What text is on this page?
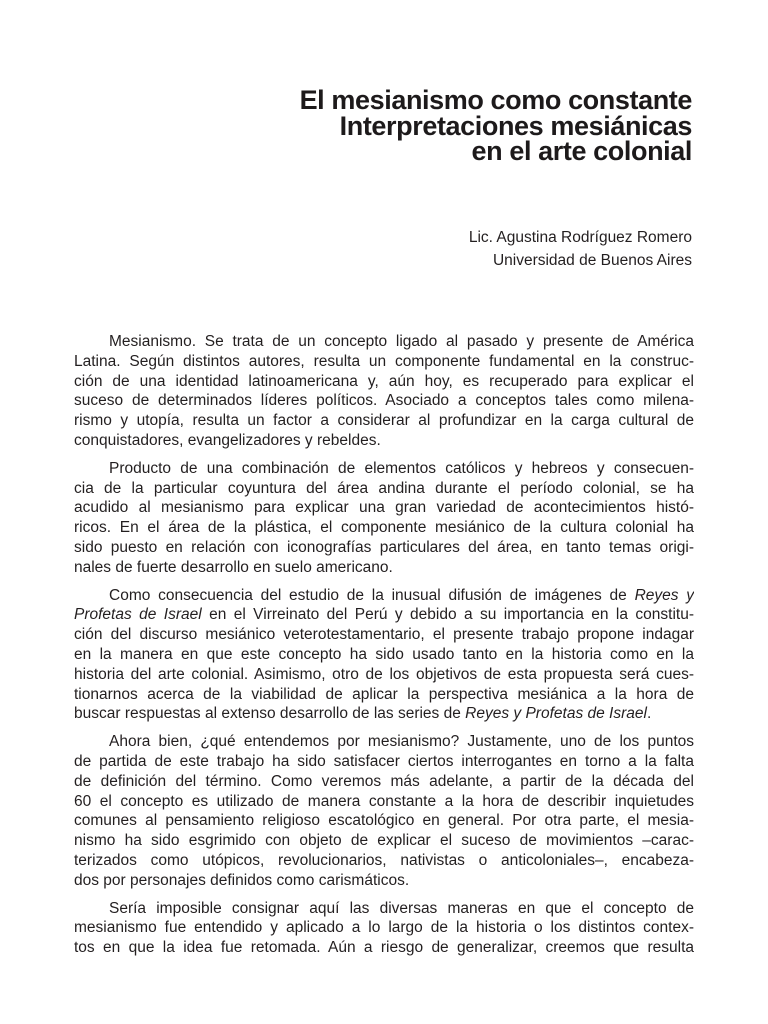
El mesianismo como constante
Interpretaciones mesiánicas
en el arte colonial
Lic. Agustina Rodríguez Romero
Universidad de Buenos Aires
Mesianismo. Se trata de un concepto ligado al pasado y presente de América
Latina. Según distintos autores, resulta un componente fundamental en la construc-
ción de una identidad latinoamericana y, aún hoy, es recuperado para explicar el
suceso de determinados líderes políticos. Asociado a conceptos tales como milena-
rismo y utopía, resulta un factor a considerar al profundizar en la carga cultural de
conquistadores, evangelizadores y rebeldes.
Producto de una combinación de elementos católicos y hebreos y consecuen-
cia de la particular coyuntura del área andina durante el período colonial, se ha
acudido al mesianismo para explicar una gran variedad de acontecimientos histó-
ricos. En el área de la plástica, el componente mesiánico de la cultura colonial ha
sido puesto en relación con iconografías particulares del área, en tanto temas origi-
nales de fuerte desarrollo en suelo americano.
Como consecuencia del estudio de la inusual difusión de imágenes de Reyes y
Profetas de Israel en el Virreinato del Perú y debido a su importancia en la constitu-
ción del discurso mesiánico veterotestamentario, el presente trabajo propone indagar
en la manera en que este concepto ha sido usado tanto en la historia como en la
historia del arte colonial. Asimismo, otro de los objetivos de esta propuesta será cues-
tionarnos acerca de la viabilidad de aplicar la perspectiva mesiánica a la hora de
buscar respuestas al extenso desarrollo de las series de Reyes y Profetas de Israel.
Ahora bien, ¿qué entendemos por mesianismo? Justamente, uno de los puntos
de partida de este trabajo ha sido satisfacer ciertos interrogantes en torno a la falta
de definición del término. Como veremos más adelante, a partir de la década del
60 el concepto es utilizado de manera constante a la hora de describir inquietudes
comunes al pensamiento religioso escatológico en general. Por otra parte, el mesia-
nismo ha sido esgrimido con objeto de explicar el suceso de movimientos –carac-
terizados como utópicos, revolucionarios, nativistas o anticoloniales–, encabeza-
dos por personajes definidos como carismáticos.
Sería imposible consignar aquí las diversas maneras en que el concepto de
mesianismo fue entendido y aplicado a lo largo de la historia o los distintos contex-
tos en que la idea fue retomada. Aún a riesgo de generalizar, creemos que resulta
